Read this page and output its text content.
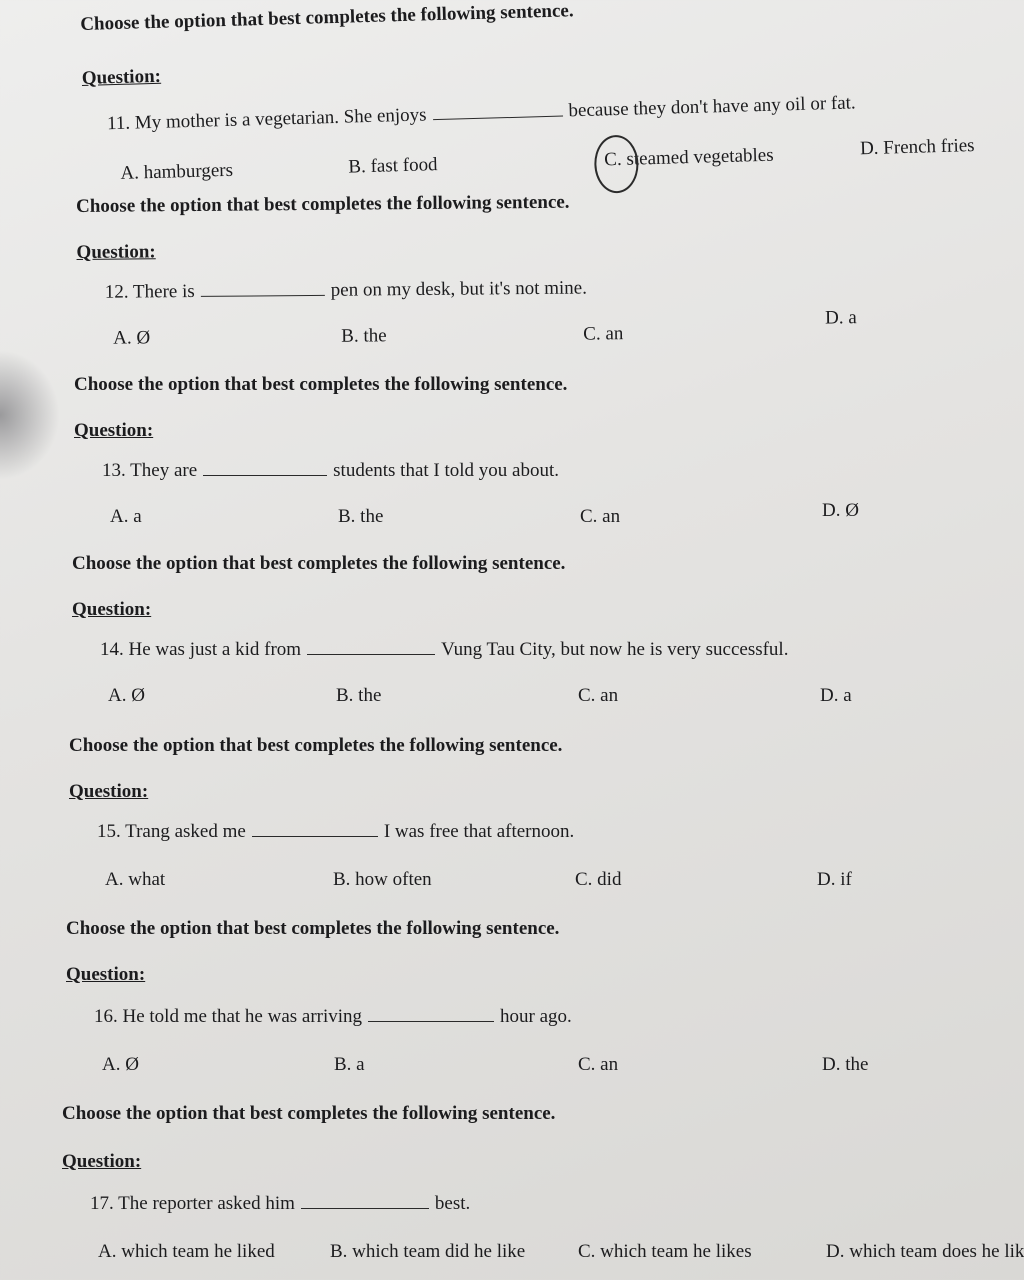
Choose the option that best completes the following sentence.
Question:
11. My mother is a vegetarian. She enjoys	because they don't have any oil or fat.
A. hamburgers	B. fast food	C. steamed vegetables	D. French fries
Choose the option that best completes the following sentence.
Question:
12. There is	pen on my desk, but it's not mine.
A. Ø	B. the	C. an
D. a
Choose the option that best completes the following sentence.
Question:
13. They are	students that I told you about.
A. a	B. the	C. an	D. Ø
Choose the option that best completes the following sentence.
Question:
14. He was just a kid from	Vung Tau City, but now he is very successful.
A. Ø	B. the	C. an	D. a
Choose the option that best completes the following sentence.
Question:
15. Trang asked me	I was free that afternoon.
A. what	B. how often	C. did	D. if
Choose the option that best completes the following sentence.
Question:
16. He told me that he was arriving	hour ago.
A. Ø	B. a	C. an	D. the
Choose the option that best completes the following sentence.
Question:
17. The reporter asked him	best.
A. which team he liked	B. which team did he like	C. which team he likes	D. which team does he lik
